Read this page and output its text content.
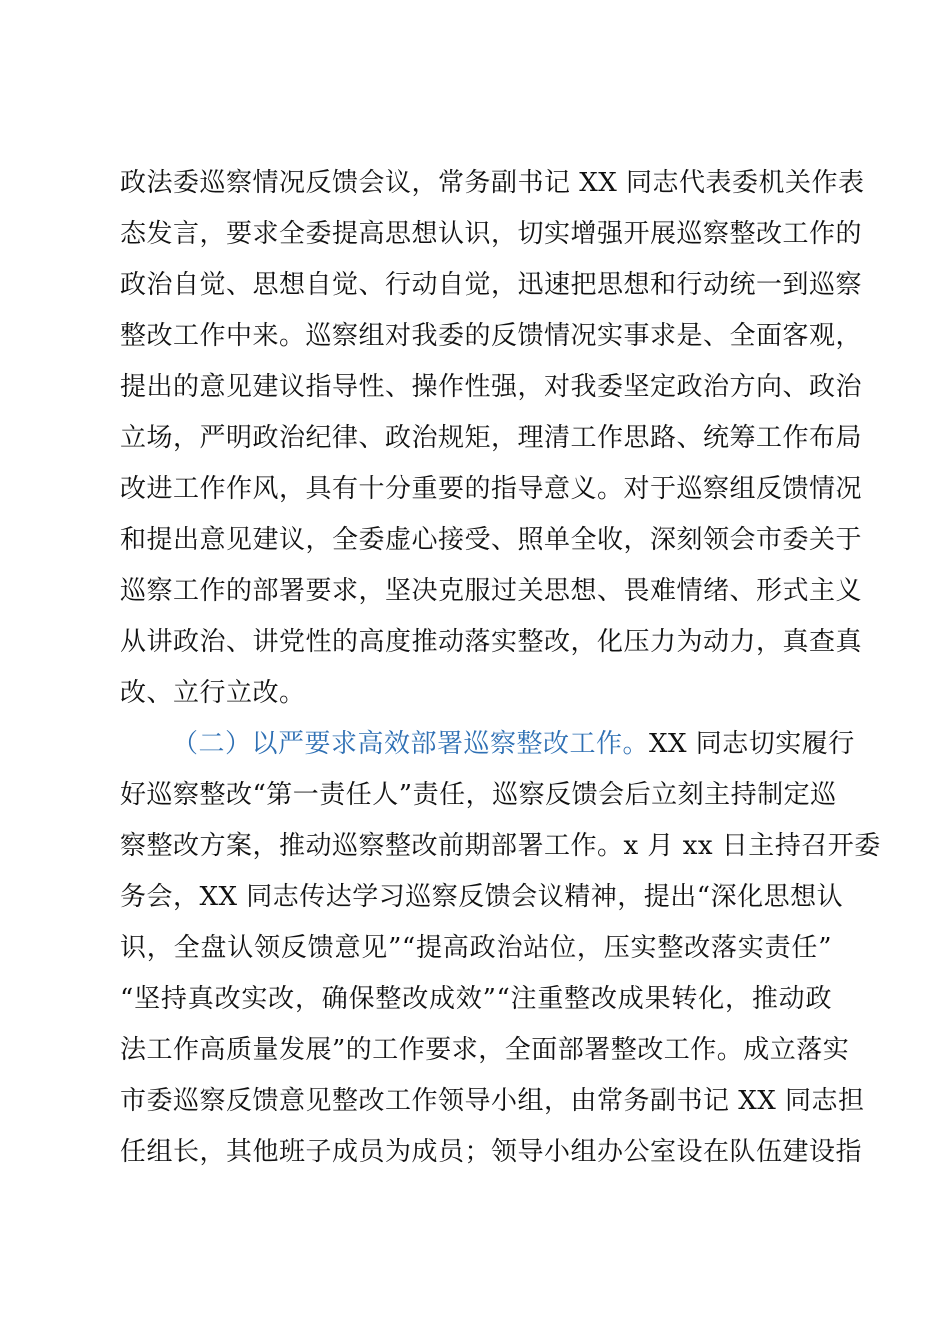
政法委巡察情况反馈会议，常务副书记 XX 同志代表委机关作表
态发言，要求全委提高思想认识，切实增强开展巡察整改工作的
政治自觉、思想自觉、行动自觉，迅速把思想和行动统一到巡察
整改工作中来。巡察组对我委的反馈情况实事求是、全面客观，
提出的意见建议指导性、操作性强，对我委坚定政治方向、政治
立场，严明政治纪律、政治规矩，理清工作思路、统筹工作布局
改进工作作风，具有十分重要的指导意义。对于巡察组反馈情况
和提出意见建议，全委虚心接受、照单全收，深刻领会市委关于
巡察工作的部署要求，坚决克服过关思想、畏难情绪、形式主义
从讲政治、讲党性的高度推动落实整改，化压力为动力，真查真
改、立行立改。
（二）以严要求高效部署巡察整改工作。XX 同志切实履行
好巡察整改“第一责任人”责任，巡察反馈会后立刻主持制定巡
察整改方案，推动巡察整改前期部署工作。x 月 xx 日主持召开委
务会，XX 同志传达学习巡察反馈会议精神，提出“深化思想认
识，全盘认领反馈意见”“提高政治站位，压实整改落实责任”
“坚持真改实改，确保整改成效”“注重整改成果转化，推动政
法工作高质量发展”的工作要求，全面部署整改工作。成立落实
市委巡察反馈意见整改工作领导小组，由常务副书记 XX 同志担
任组长，其他班子成员为成员；领导小组办公室设在队伍建设指
